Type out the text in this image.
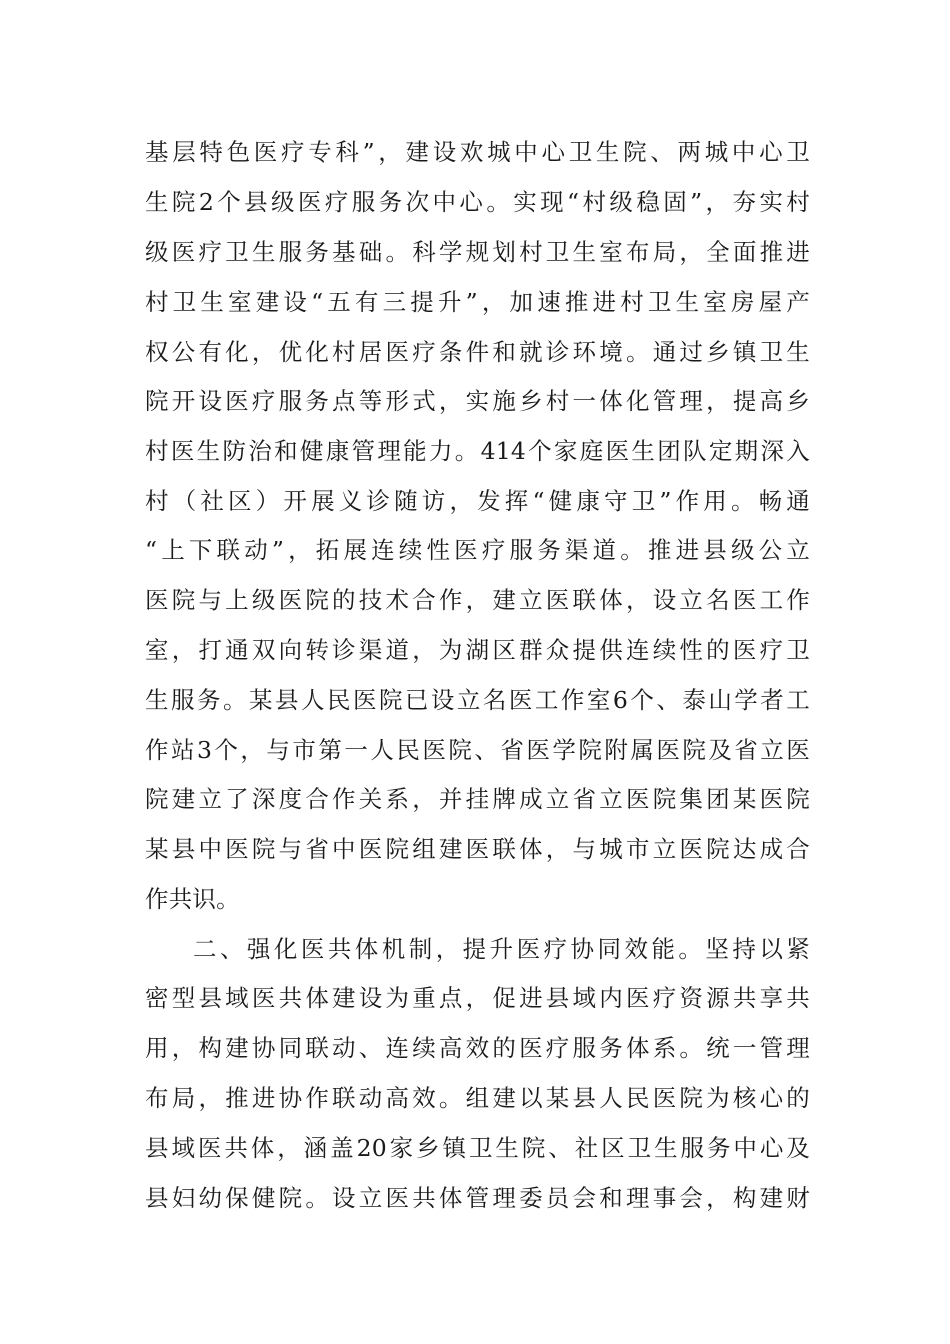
基层特色医疗专科”，建设欢城中心卫生院、两城中心卫
生院2个县级医疗服务次中心。实现“村级稳固”，夯实村
级医疗卫生服务基础。科学规划村卫生室布局，全面推进
村卫生室建设“五有三提升”，加速推进村卫生室房屋产
权公有化，优化村居医疗条件和就诊环境。通过乡镇卫生
院开设医疗服务点等形式，实施乡村一体化管理，提高乡
村医生防治和健康管理能力。414个家庭医生团队定期深入
村（社区）开展义诊随访，发挥“健康守卫”作用。畅通
“上下联动”，拓展连续性医疗服务渠道。推进县级公立
医院与上级医院的技术合作，建立医联体，设立名医工作
室，打通双向转诊渠道，为湖区群众提供连续性的医疗卫
生服务。某县人民医院已设立名医工作室6个、泰山学者工
作站3个，与市第一人民医院、省医学院附属医院及省立医
院建立了深度合作关系，并挂牌成立省立医院集团某医院
某县中医院与省中医院组建医联体，与城市立医院达成合
作共识。
二、强化医共体机制，提升医疗协同效能。坚持以紧
密型县域医共体建设为重点，促进县域内医疗资源共享共
用，构建协同联动、连续高效的医疗服务体系。统一管理
布局，推进协作联动高效。组建以某县人民医院为核心的
县域医共体，涵盖20家乡镇卫生院、社区卫生服务中心及
县妇幼保健院。设立医共体管理委员会和理事会，构建财
